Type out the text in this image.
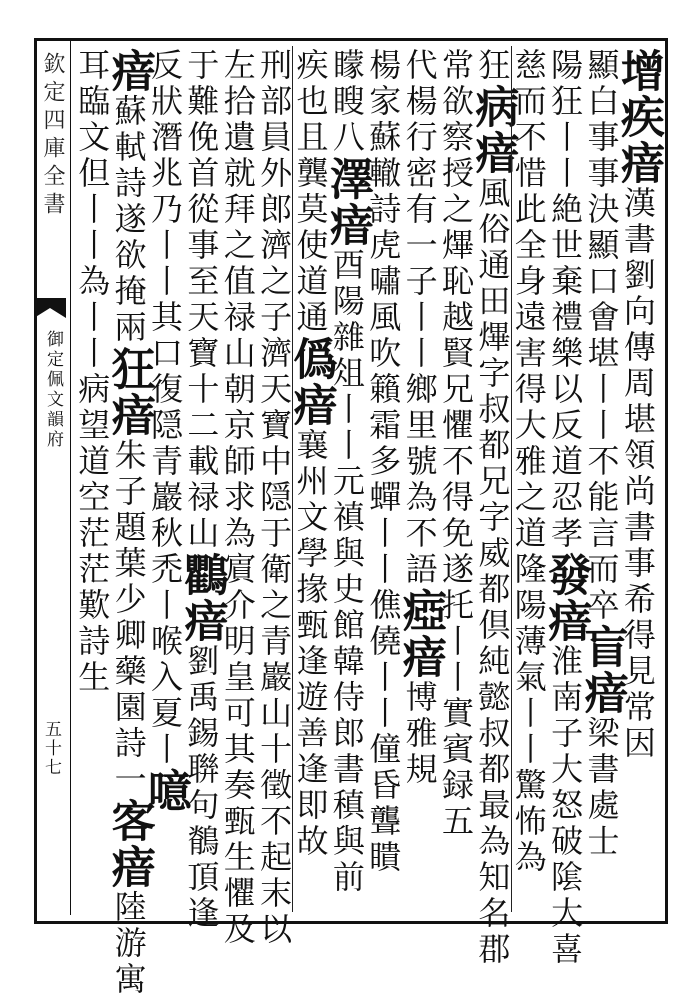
欽定四庫全書
御定佩文韻府
五十七
增疾瘖漢書劉向傳周堪領尚書事希得見常因
顯白事事決顯口㑹堪丨丨不能言而卒盲瘖梁書處士
陽狂丨丨絶世棄禮樂以反道忍孝發瘖淮南子大怒破隂大喜
慈而不惜此全身遠害得大雅之道隆陽薄氣丨丨驚怖為
狂病瘖風俗通田熚字叔都兄字威都倶純懿叔都最為知名郡
常欲察授之熚恥越賢兄懼不得免遂托丨丨實賓録五
代楊行密有一子丨丨鄉里號為不語瘂瘖博雅規
楊家蘇轍詩虎嘯風吹籟霜多蟬丨丨僬僥丨丨僮昏聾瞶
矇瞍八澤瘖酉陽雜俎丨丨元禛與史館韓侍郎書稹與前
疾也且龔莫使道通僞瘖襄州文學掾甄逢遊善逢即故
刑部員外郎濟之子濟天寶中隠于衛之青巖山十徵不起末以
左拾遺就拜之值禄山朝京師求為賔介明皇可其奏甄生懼及
于難俛首從事至天寶十二載禄山鸜瘖劉禹錫聨句鶺頂逢
反狀潛兆乃丨丨其口復隠青巖秋禿丨喉入夏丨噫
瘖蘇軾詩遂欲掩兩狂瘖朱子題葉少卿藥園詩一客瘖陸游寓
耳臨文但丨丨為丨丨病望道空茫茫歎詩生
